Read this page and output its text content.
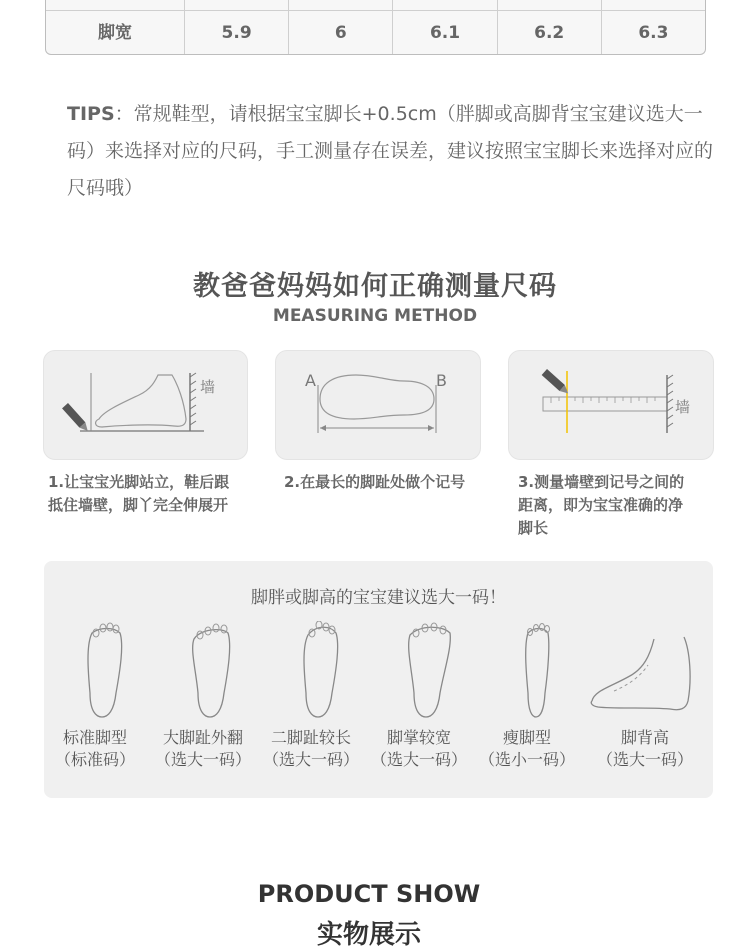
脚宽	5.9	6	6.1	6.2	6.3
TIPS：常规鞋型，请根据宝宝脚长+0.5cm（胖脚或高脚背宝宝建议选大一码）来选择对应的尺码，手工测量存在误差，建议按照宝宝脚长来选择对应的尺码哦）
教爸爸妈妈如何正确测量尺码
MEASURING METHOD
墙	A	B
墙
1.让宝宝光脚站立，鞋后跟
抵住墙壁，脚丫完全伸展开
2.在最长的脚趾处做个记号	3.测量墙壁到记号之间的
距离，即为宝宝准确的净
脚长
脚胖或脚高的宝宝建议选大一码！
标准脚型
（标准码）
大脚趾外翻
（选大一码）
二脚趾较长
（选大一码）
脚掌较宽
（选大一码）
瘦脚型
（选小一码）
脚背高
（选大一码）
PRODUCT SHOW
实物展示
